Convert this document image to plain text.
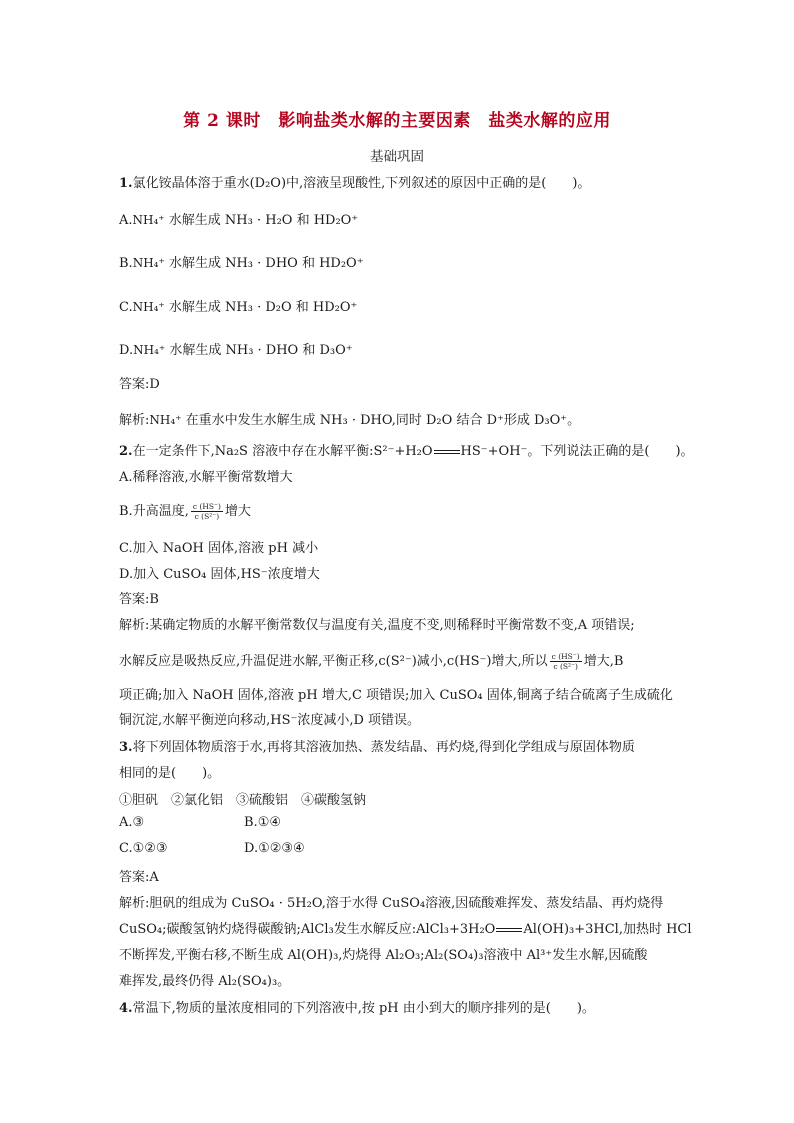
第 2 课时　影响盐类水解的主要因素　盐类水解的应用
基础巩固
1.氯化铵晶体溶于重水(D₂O)中,溶液呈现酸性,下列叙述的原因中正确的是(　　)。
A.NH₄⁺ 水解生成 NH₃ · H₂O 和 HD₂O⁺
B.NH₄⁺ 水解生成 NH₃ · DHO 和 HD₂O⁺
C.NH₄⁺ 水解生成 NH₃ · D₂O 和 HD₂O⁺
D.NH₄⁺ 水解生成 NH₃ · DHO 和 D₃O⁺
答案:D
解析:NH₄⁺ 在重水中发生水解生成 NH₃ · DHO,同时 D₂O 结合 D⁺形成 D₃O⁺。
2.在一定条件下,Na₂S 溶液中存在水解平衡:S²⁻+H₂O HS⁻+OH⁻。下列说法正确的是(　　)。
A.稀释溶液,水解平衡常数增大
B.升高温度, $\frac{c (HS^-)}{\text{c (S²⁻)}}$ 增大
C.加入 NaOH 固体,溶液 pH 减小
D.加入 CuSO₄ 固体,HS⁻浓度增大
答案:B
解析:某确定物质的水解平衡常数仅与温度有关,温度不变,则稀释时平衡常数不变,A 项错误;
水解反应是吸热反应,升温促进水解,平衡正移,c(S²⁻)减小,c(HS⁻)增大,所以 $\frac{c (HS^-)}{\text{c (S²⁻)}}$ 增大,B
项正确;加入 NaOH 固体,溶液 pH 增大,C 项错误;加入 CuSO₄ 固体,铜离子结合硫离子生成硫化
铜沉淀,水解平衡逆向移动,HS⁻浓度减小,D 项错误。
3.将下列固体物质溶于水,再将其溶液加热、蒸发结晶、再灼烧,得到化学组成与原固体物质
相同的是(　　)。
①胆矾　②氯化铝　③硫酸铝　④碳酸氢钠
A.③	B.①④
C.①②③	D.①②③④
答案:A
解析:胆矾的组成为 CuSO₄ · 5H₂O,溶于水得 CuSO₄溶液,因硫酸难挥发、蒸发结晶、再灼烧得
CuSO₄;碳酸氢钠灼烧得碳酸钠;AlCl₃发生水解反应:AlCl₃+3H₂O Al(OH)₃+3HCl,加热时 HCl
不断挥发,平衡右移,不断生成 Al(OH)₃,灼烧得 Al₂O₃;Al₂(SO₄)₃溶液中 Al³⁺发生水解,因硫酸
难挥发,最终仍得 Al₂(SO₄)₃。
4.常温下,物质的量浓度相同的下列溶液中,按 pH 由小到大的顺序排列的是(　　)。
